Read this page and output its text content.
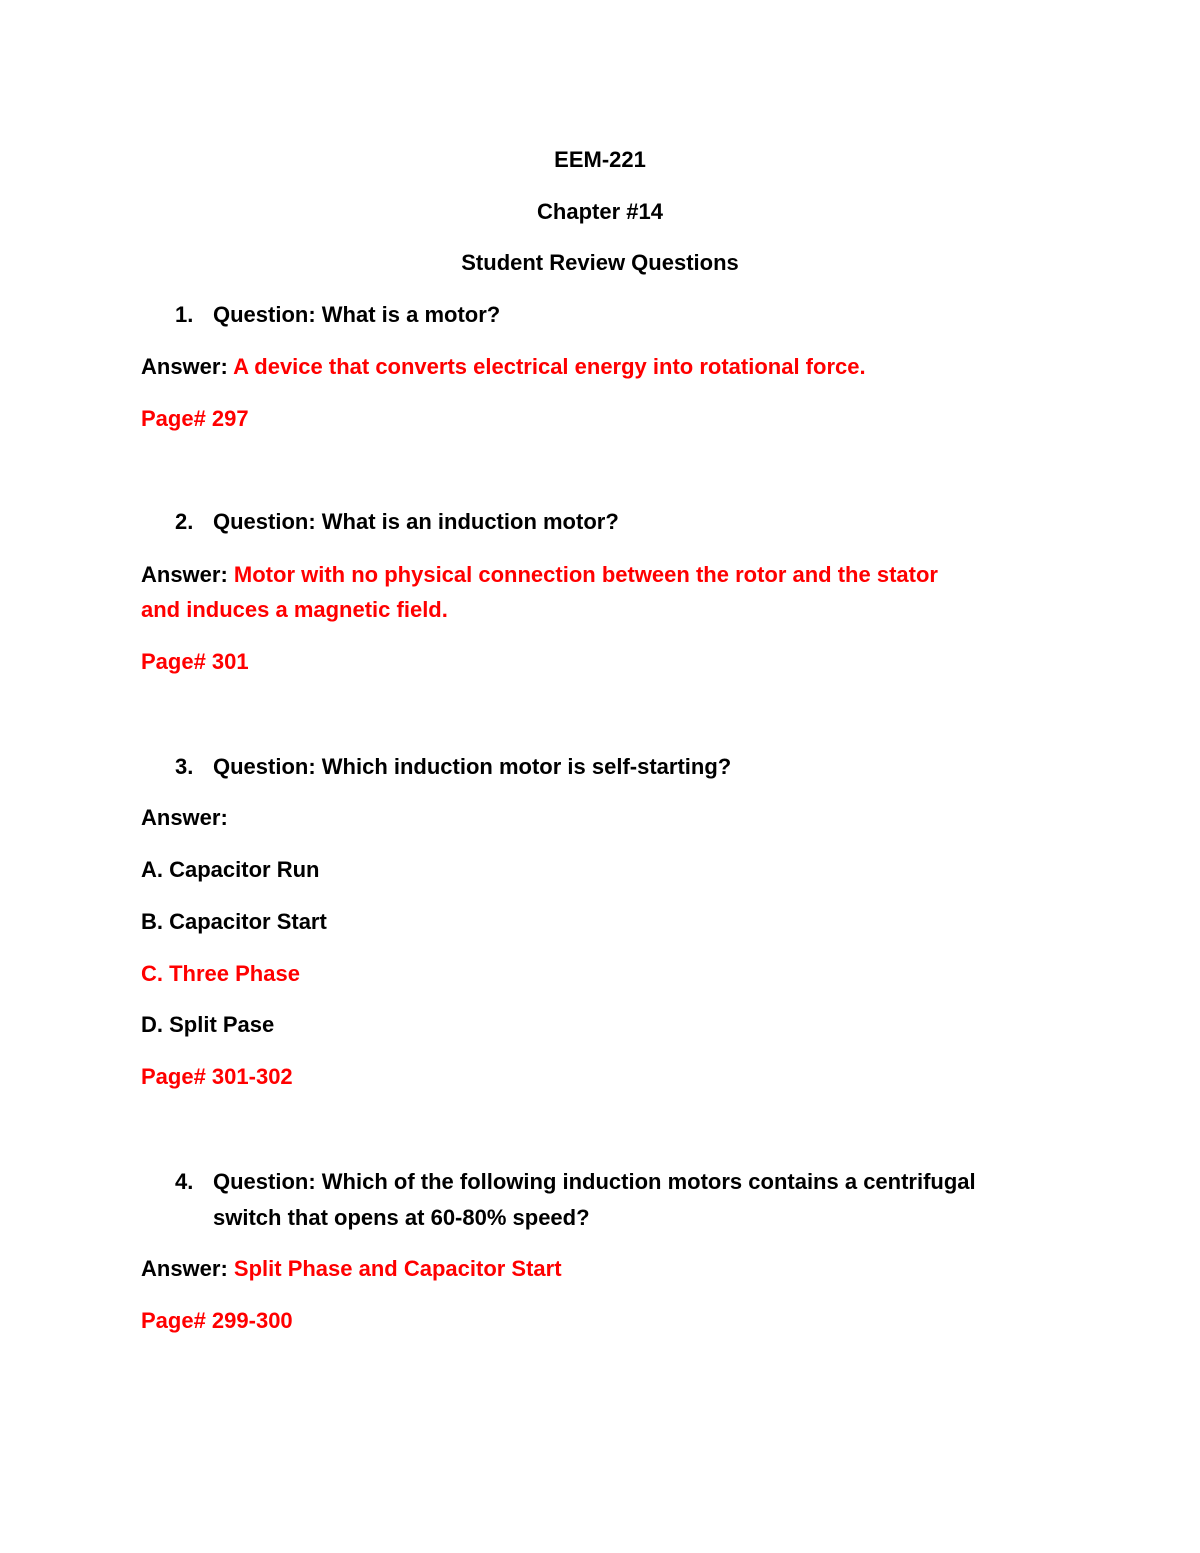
EEM-221
Chapter #14
Student Review Questions
1. Question: What is a motor?
Answer: A device that converts electrical energy into rotational force.
Page# 297
2. Question: What is an induction motor?
Answer: Motor with no physical connection between the rotor and the stator
and induces a magnetic field.
Page# 301
3. Question: Which induction motor is self-starting?
Answer:
A. Capacitor Run
B. Capacitor Start
C. Three Phase
D. Split Pase
Page# 301-302
4. Question: Which of the following induction motors contains a centrifugal
switch that opens at 60-80% speed?
Answer: Split Phase and Capacitor Start
Page# 299-300
